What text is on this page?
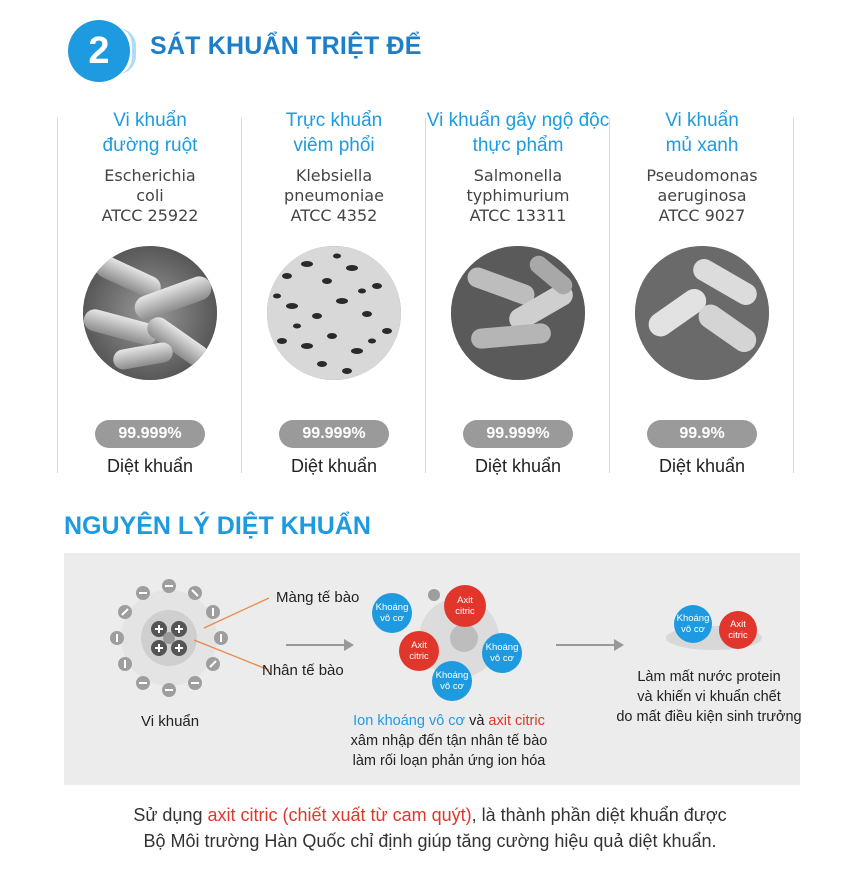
2	SÁT KHUẨN TRIỆT ĐỂ
Vi khuẩn
đường ruột
Escherichia
coli
ATCC 25922
99.999%
Diệt khuẩn
Trực khuẩn
viêm phổi
Klebsiella
pneumoniae
ATCC 4352
99.999%
Diệt khuẩn
Vi khuẩn gây ngộ độc
thực phẩm
Salmonella
typhimurium
ATCC 13311
99.999%
Diệt khuẩn
Vi khuẩn
mủ xanh
Pseudomonas
aeruginosa
ATCC 9027
99.9%
Diệt khuẩn
NGUYÊN LÝ DIỆT KHUẨN
Màng tế bào
Nhân tế bào
Vi khuẩn
Khoáng
vô cơ
Axit
citric
Axit
citric
Khoáng
vô cơ
Khoáng
vô cơ
Ion khoáng vô cơ và axit citric
xâm nhập đến tận nhân tế bào
làm rối loạn phản ứng ion hóa
Khoáng
vô cơ	Axit
citric
Làm mất nước protein
và khiến vi khuẩn chết
do mất điều kiện sinh trưởng
Sử dụng axit citric (chiết xuất từ cam quýt), là thành phần diệt khuẩn được
Bộ Môi trường Hàn Quốc chỉ định giúp tăng cường hiệu quả diệt khuẩn.
